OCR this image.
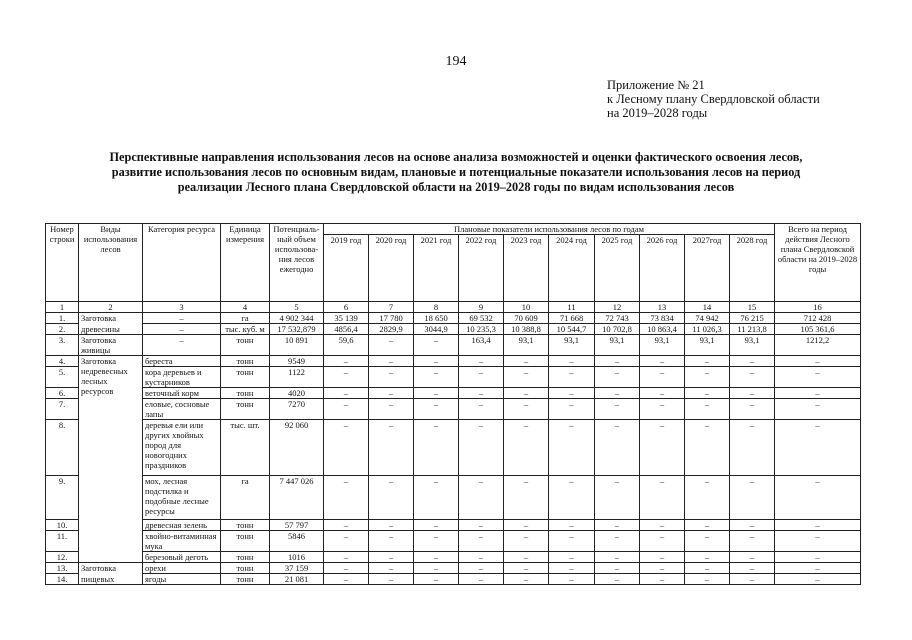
194
Приложение № 21
к Лесному плану Свердловской области
на 2019–2028 годы
Перспективные направления использования лесов на основе анализа возможностей и оценки фактического освоения лесов,
развитие использования лесов по основным видам, плановые и потенциальные показатели использования лесов на период
реализации Лесного плана Свердловской области на 2019–2028 годы по видам использования лесов
Номер строки	Виды использования лесов	Категория ресурса	Единица измерения	Потенциаль-ный объем использова-ния лесов ежегодно	Плановые показатели использования лесов по годам										Всего на период действия Лесного плана Свердловской области на 2019–2028 годы
					2019 год	2020 год	2021 год	2022 год	2023 год	2024 год	2025 год	2026 год	2027год	2028 год	
1	2	3	4	5	6	7	8	9	10	11	12	13	14	15	16
1.	Заготовка	–	га	4 902 344	35 139	17 780	18 650	69 532	70 609	71 668	72 743	73 834	74 942	76 215	712 428
2.	древесины	–	тыс. куб. м	17 532,879	4856,4	2829,9	3044,9	10 235,3	10 388,8	10 544,7	10 702,8	10 863,4	11 026,3	11 213,8	105 361,6
3.	Заготовка живицы	–	тонн	10 891	59,6	–	–	163,4	93,1	93,1	93,1	93,1	93,1	93,1	1212,2
4.	Заготовка недревесных лесных ресурсов	береста	тонн	9549	–	–	–	–	–	–	–	–	–	–	–
5.		кора деревьев и кустарников	тонн	1122	–	–	–	–	–	–	–	–	–	–	–
6.		веточный корм	тонн	4020	–	–	–	–	–	–	–	–	–	–	–
7.		еловые, сосновые лапы	тонн	7270	–	–	–	–	–	–	–	–	–	–	–
8.		деревья ели или других хвойных пород для новогодних праздников	тыс. шт.	92 060	–	–	–	–	–	–	–	–	–	–	–
9.		мох, лесная подстилка и подобные лесные ресурсы	га	7 447 026	–	–	–	–	–	–	–	–	–	–	–
10.		древесная зелень	тонн	57 797	–	–	–	–	–	–	–	–	–	–	–
11.		хвойно-витаминная мука	тонн	5846	–	–	–	–	–	–	–	–	–	–	–
12.		березовый деготь	тонн	1016	–	–	–	–	–	–	–	–	–	–	–
13.	Заготовка	орехи	тонн	37 159	–	–	–	–	–	–	–	–	–	–	–
14.	пищевых	ягоды	тонн	21 081	–	–	–	–	–	–	–	–	–	–	–
